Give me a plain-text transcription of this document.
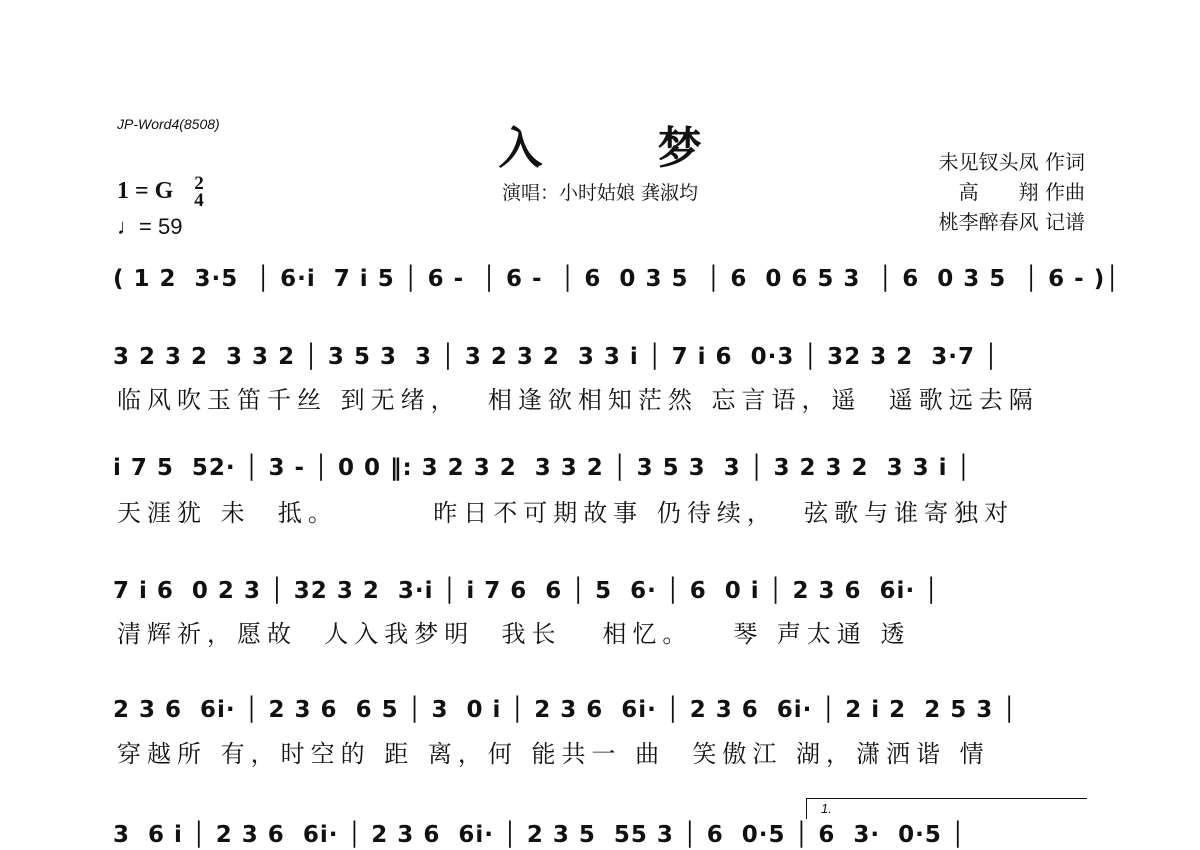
JP-Word4(8508)	入 梦
演唱：小时姑娘 龚淑均
1 = G 2
4
♩= 59
未见钗头凤 作词
高　　翔 作曲
桃李醉春风 记谱
( 1 2  3·5  │ 6·i  7 i 5 │ 6 -  │ 6 -  │ 6  0 3 5  │ 6  0 6 5 3  │ 6  0 3 5  │ 6 - )│
3 2 3 2  3 3 2 │ 3 5 3  3 │ 3 2 3 2  3 3 i │ 7 i 6  0·3 │ 32 3 2  3·7 │
临风吹玉笛千丝 到无绪，  相逢欲相知茫然 忘言语，遥  遥歌远去隔
i 7 5  52· │ 3 - │ 0 0 ‖: 3 2 3 2  3 3 2 │ 3 5 3  3 │ 3 2 3 2  3 3 i │
天涯犹 未  抵。       昨日不可期故事 仍待续，  弦歌与谁寄独对
7 i 6  0 2 3 │ 32 3 2  3·i │ i 7 6  6 │ 5  6· │ 6  0 i │ 2 3 6  6i· │
清辉祈，愿故  人入我梦明  我长   相忆。   琴 声太通 透
2 3 6  6i· │ 2 3 6  6 5 │ 3  0 i │ 2 3 6  6i· │ 2 3 6  6i· │ 2 i 2  2 5 3 │
穿越所 有，时空的 距 离，何 能共一 曲  笑傲江 湖，潇洒谐 情
1.
3  6 i │ 2 3 6  6i· │ 2 3 6  6i· │ 2 3 5  55 3 │ 6  0·5 │ 6  3·  0·5 │
